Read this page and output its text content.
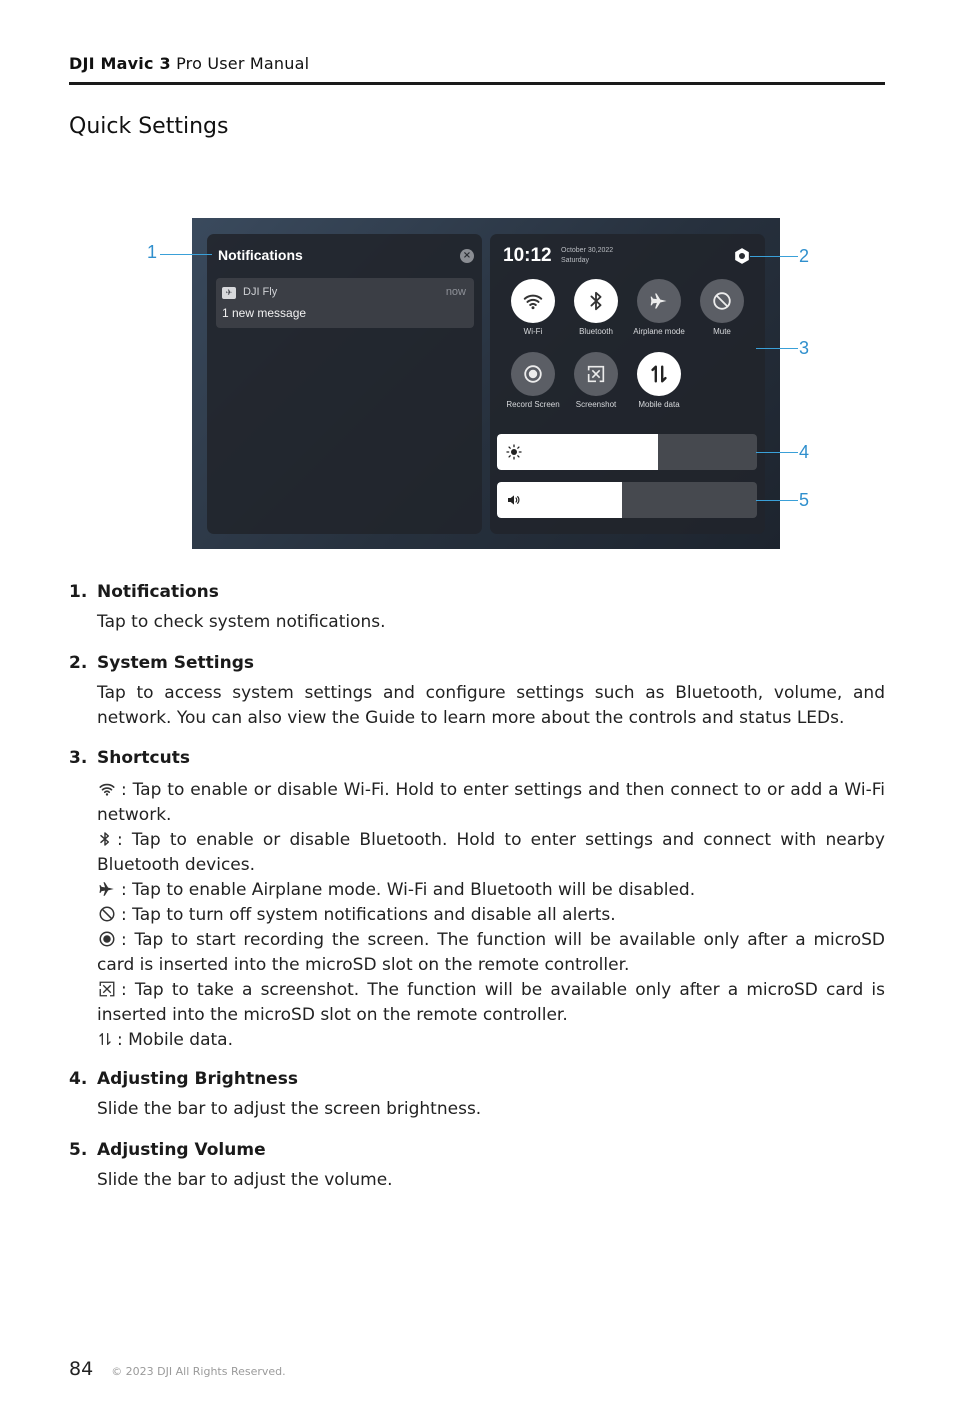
DJI Mavic 3 Pro User Manual
Quick Settings
Notifications	×
✈ DJI Fly	now
1 new message
10:12 October 30,2022
Saturday
Wi-Fi	Bluetooth	Airplane mode	Mute
Record Screen	Screenshot	Mobile data
1	2
3
4
5
1. Notifications

Tap to check system notifications.

2. System Settings

Tap to access system settings and configure settings such as Bluetooth, volume, and network. You can also view the Guide to learn more about the controls and status LEDs.

3. Shortcuts

: Tap to enable or disable Wi-Fi. Hold to enter settings and then connect to or add a Wi-Fi network.

: Tap to enable or disable Bluetooth. Hold to enter settings and connect with nearby Bluetooth devices.

: Tap to enable Airplane mode. Wi-Fi and Bluetooth will be disabled.

: Tap to turn off system notifications and disable all alerts.

: Tap to start recording the screen. The function will be available only after a microSD card is inserted into the microSD slot on the remote controller.

: Tap to take a screenshot. The function will be available only after a microSD card is inserted into the microSD slot on the remote controller.

: Mobile data.

4. Adjusting Brightness

Slide the bar to adjust the screen brightness.

5. Adjusting Volume

Slide the bar to adjust the volume.

84 © 2023 DJI All Rights Reserved.
